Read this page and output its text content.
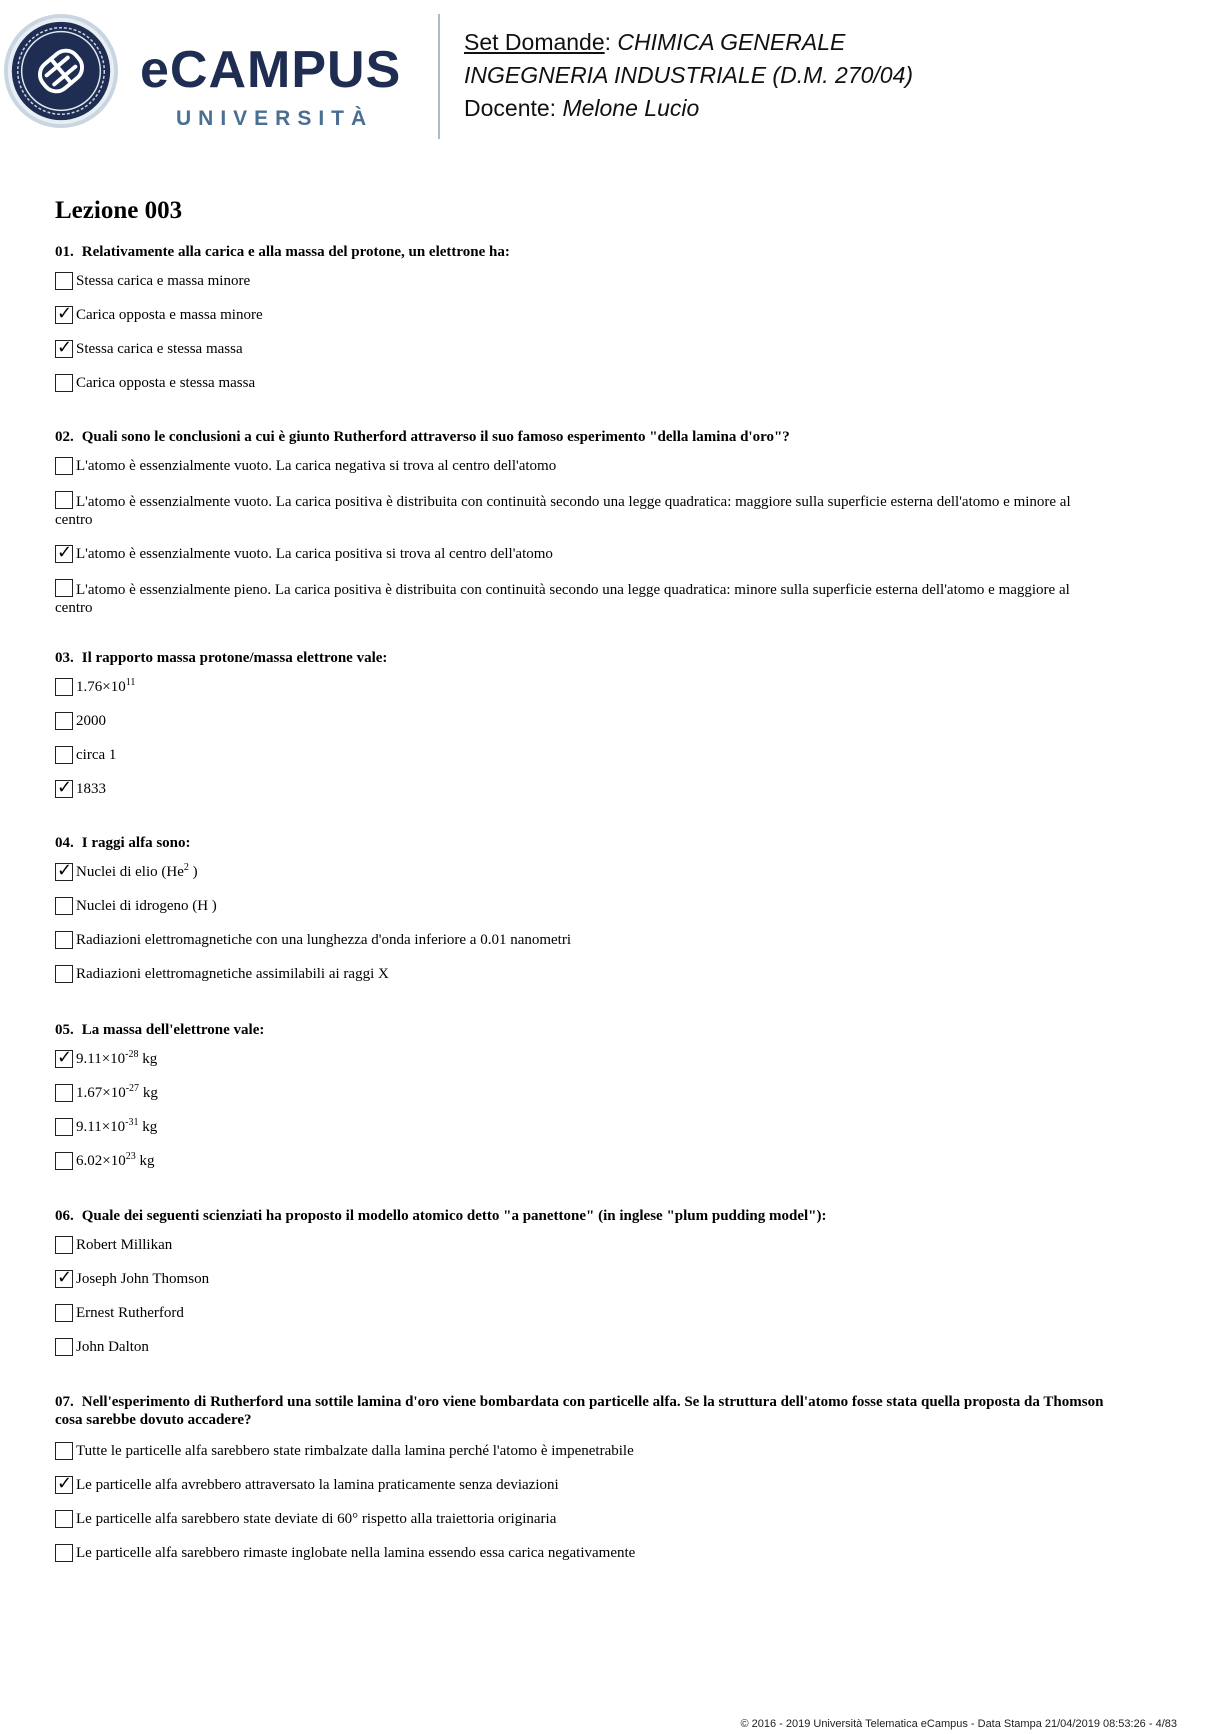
eCAMPUS
UNIVERSITÀ
Set Domande: CHIMICA GENERALE
INGEGNERIA INDUSTRIALE (D.M. 270/04)
Docente: Melone Lucio
Lezione 003

01. Relativamente alla carica e alla massa del protone, un elettrone ha:

Stessa carica e massa minore
✓ Carica opposta e massa minore
✓ Stessa carica e stessa massa
Carica opposta e stessa massa

02. Quali sono le conclusioni a cui è giunto Rutherford attraverso il suo famoso esperimento "della lamina d'oro"?

L'atomo è essenzialmente vuoto. La carica negativa si trova al centro dell'atomo
L'atomo è essenzialmente vuoto. La carica positiva è distribuita con continuità secondo una legge quadratica: maggiore sulla superficie esterna dell'atomo e minore al centro
✓ L'atomo è essenzialmente vuoto. La carica positiva si trova al centro dell'atomo
L'atomo è essenzialmente pieno. La carica positiva è distribuita con continuità secondo una legge quadratica: minore sulla superficie esterna dell'atomo e maggiore al centro

03. Il rapporto massa protone/massa elettrone vale:

$1.76\times 10^{11}$
2000
circa 1
✓ 1833

04. I raggi alfa sono:

✓ Nuclei di elio (He$^2$ )
Nuclei di idrogeno (H )
Radiazioni elettromagnetiche con una lunghezza d'onda inferiore a 0.01 nanometri
Radiazioni elettromagnetiche assimilabili ai raggi X

05. La massa dell'elettrone vale:

✓ $9.11\times 10^{-28}$ kg
$1.67\times 10^{-27}$ kg
$9.11\times 10^{-31}$ kg
$6.02\times 10^{23}$ kg

06. Quale dei seguenti scienziati ha proposto il modello atomico detto "a panettone" (in inglese "plum pudding model"):

Robert Millikan
✓ Joseph John Thomson
Ernest Rutherford
John Dalton

07. Nell'esperimento di Rutherford una sottile lamina d'oro viene bombardata con particelle alfa. Se la struttura dell'atomo fosse stata quella proposta da Thomson cosa sarebbe dovuto accadere?

Tutte le particelle alfa sarebbero state rimbalzate dalla lamina perché l'atomo è impenetrabile
✓ Le particelle alfa avrebbero attraversato la lamina praticamente senza deviazioni
Le particelle alfa sarebbero state deviate di 60° rispetto alla traiettoria originaria
Le particelle alfa sarebbero rimaste inglobate nella lamina essendo essa carica negativamente
© 2016 - 2019 Università Telematica eCampus - Data Stampa 21/04/2019 08:53:26 - 4/83
